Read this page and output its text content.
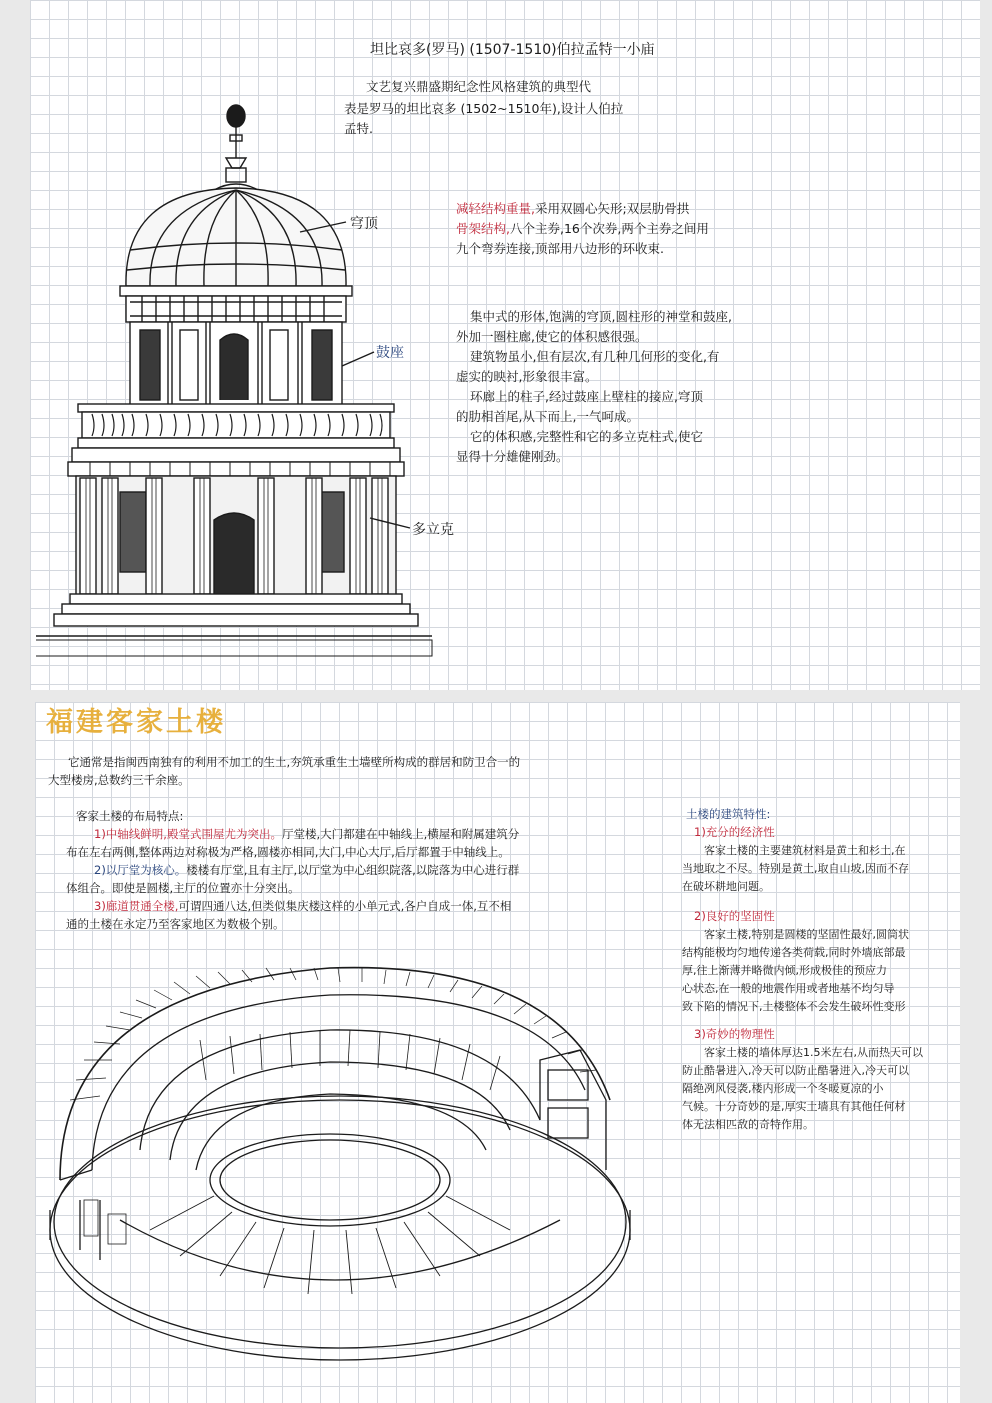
坦比哀多(罗马) (1507-1510)伯拉孟特一小庙
文艺复兴鼎盛期纪念性风格建筑的典型代
表是罗马的坦比哀多 (1502~1510年),设计人伯拉
孟特.
穹顶
鼓座
多立克
减轻结构重量,采用双圆心矢形;双层肋骨拱
骨架结构,八个主券,16个次券,两个主券之间用
九个弯券连接,顶部用八边形的环收束.
集中式的形体,饱满的穹顶,圆柱形的神堂和鼓座,
外加一圈柱廊,使它的体积感很强。
建筑物虽小,但有层次,有几种几何形的变化,有
虚实的映衬,形象很丰富。
环廊上的柱子,经过鼓座上壁柱的接应,穹顶
的肋相首尾,从下而上,一气呵成。
它的体积感,完整性和它的多立克柱式,使它
显得十分雄健刚劲。
福建客家土楼
它通常是指闽西南独有的利用不加工的生土,夯筑承重生土墙壁所构成的群居和防卫合一的
大型楼房,总数约三千余座。
客家土楼的布局特点:
1)中轴线鲜明,殿堂式围屋尤为突出。厅堂楼,大门都建在中轴线上,横屋和附属建筑分
布在左右两侧,整体两边对称极为严格,圆楼亦相同,大门,中心大厅,后厅都置于中轴线上。
2)以厅堂为核心。楼楼有厅堂,且有主厅,以厅堂为中心组织院落,以院落为中心进行群
体组合。即使是圆楼,主厅的位置亦十分突出。
3)廊道贯通全楼,可谓四通八达,但类似集庆楼这样的小单元式,各户自成一体,互不相
通的土楼在永定乃至客家地区为数极个别。
土楼的建筑特性:
1)充分的经济性
客家土楼的主要建筑材料是黄土和杉土,在
当地取之不尽。特别是黄土,取自山坡,因而不存
在破坏耕地问题。
2)良好的坚固性
客家土楼,特别是圆楼的坚固性最好,圆筒状
结构能极均匀地传递各类荷载,同时外墙底部最
厚,往上渐薄并略微内倾,形成极佳的预应力
心状态,在一般的地震作用或者地基不均匀导
致下陷的情况下,土楼整体不会发生破坏性变形
3)奇妙的物理性
客家土楼的墙体厚达1.5米左右,从而热天可以
防止酷暑进入,冷天可以防止酷暑进入,冷天可以
隔绝冽风侵袭,楼内形成一个冬暖夏凉的小
气候。十分奇妙的是,厚实土墙具有其他任何材
体无法相匹敌的奇特作用。
